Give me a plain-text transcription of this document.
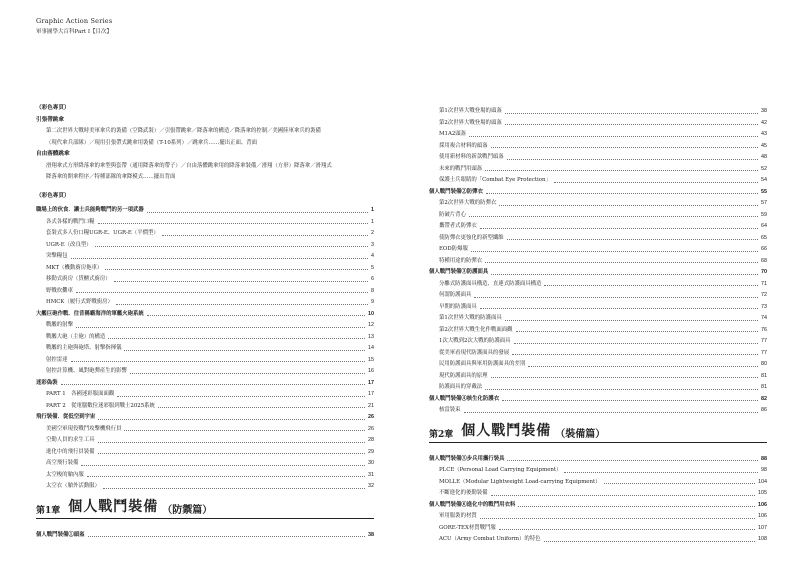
Graphic Action Series
軍事圖學大百科Part I【目次】
（彩色專頁）
引張帶跳傘
第二次世界大戰時美軍傘兵的裝備（空降武裝）／引張帶跳傘／降落傘的構造／降落傘的控制／美國陸軍傘兵的裝備
（現代傘兵部隊）／現用引張帶式跳傘用裝備（T-10系列）／跳傘兵……擺出正面、背面
自由落體跳傘
滑翔傘式方形降落傘的傘型與套帶（通用降落傘的帶子）／自由落體跳傘用的降落傘裝備／滑翔（方形）降落傘／滑翔式
降落傘的開傘程序／特種部隊的傘降模式……擺出背面
（彩色專頁）
職場上的伙食．讓士兵能夠戰鬥的另一項武器	1
各式各樣的戰鬥口糧	1
套裝式多人份口糧UGR-E、UGR-E（平價型）	2
UGR-E（改良型）	3
突擊糧包	4
MKT（機動廚房拖車）	5
移動式廚房（貨櫃式廚房）	6
野戰炊爨車	8
HMCK（履行式野戰廚房）	9
大艦巨砲作戰．往昔稱霸海洋的軍艦火砲系統	10
戰艦的射擊	12
戰艦大砲（主砲）的構造	13
戰艦的主砲與砲塔、射擊指揮儀	14
射控雷達	15
射控計算機、風對砲彈產生的影響	16
迷彩偽裝	17
PART 1　各國迷彩服面面觀	17
PART 2　從電腦數位迷彩服到戰士2025系統	21
飛行裝備．從低空到宇宙	26
美國空軍現役戰鬥攻擊機飛行員	26
空勤人員的求生工具	28
進化中的飛行員裝備	29
高空飛行裝備	30
太空梭的艙內服	31
太空衣（艙外活動服）	32
第1章 個人戰鬥裝備 （防禦篇）
個人戰鬥裝備①頭盔	38
第1次世界大戰登場的頭盔	38
第2次世界大戰登場的頭盔	42
M1A2頭盔	43
採用複合材料的頭盔	45
使用新材料的新款戰鬥頭盔	48
未來的戰鬥用頭盔	52
保護士兵眼睛的「Combat Eye Protection」	54
個人戰鬥裝備②防彈衣	55
第2次世界大戰的防彈衣	57
防破片背心	59
攜帶者式防彈衣	64
使防彈衣更強化的新型纖維	65
EOD防爆服	66
特種用途的防彈衣	68
個人戰鬥裝備③防護面具	70
分離式防護面具構造、直連式防護面具構造	71
何謂防護面具	72
早期的防護面具	73
第1次世界大戰的防護面具	74
第2次世界大戰生化作戰面面觀	76
1次大戰到2次大戰的防護面具	77
從美軍看現代防護面具的發展	77
民用防護面具與軍用防護面具的差別	80
現代防護面具的原理	81
防護面具的穿戴法	81
個人戰鬥裝備④核生化防護衣	82
核當裝束	86
第2章 個人戰鬥裝備 （裝備篇）
個人戰鬥裝備⑤步兵用攜行裝具	88
PLCE（Personal Load Carrying Equipment）	98
MOLLE（Modular Lightweight Load-carrying Equipment）	104
不斷進化的後勤裝備	105
個人戰鬥裝備⑥進化中的戰鬥用衣料	106
軍用服裝的材質	106
GORE-TEX材質戰鬥服	107
ACU（Army Combat Uniform）的特色	108
